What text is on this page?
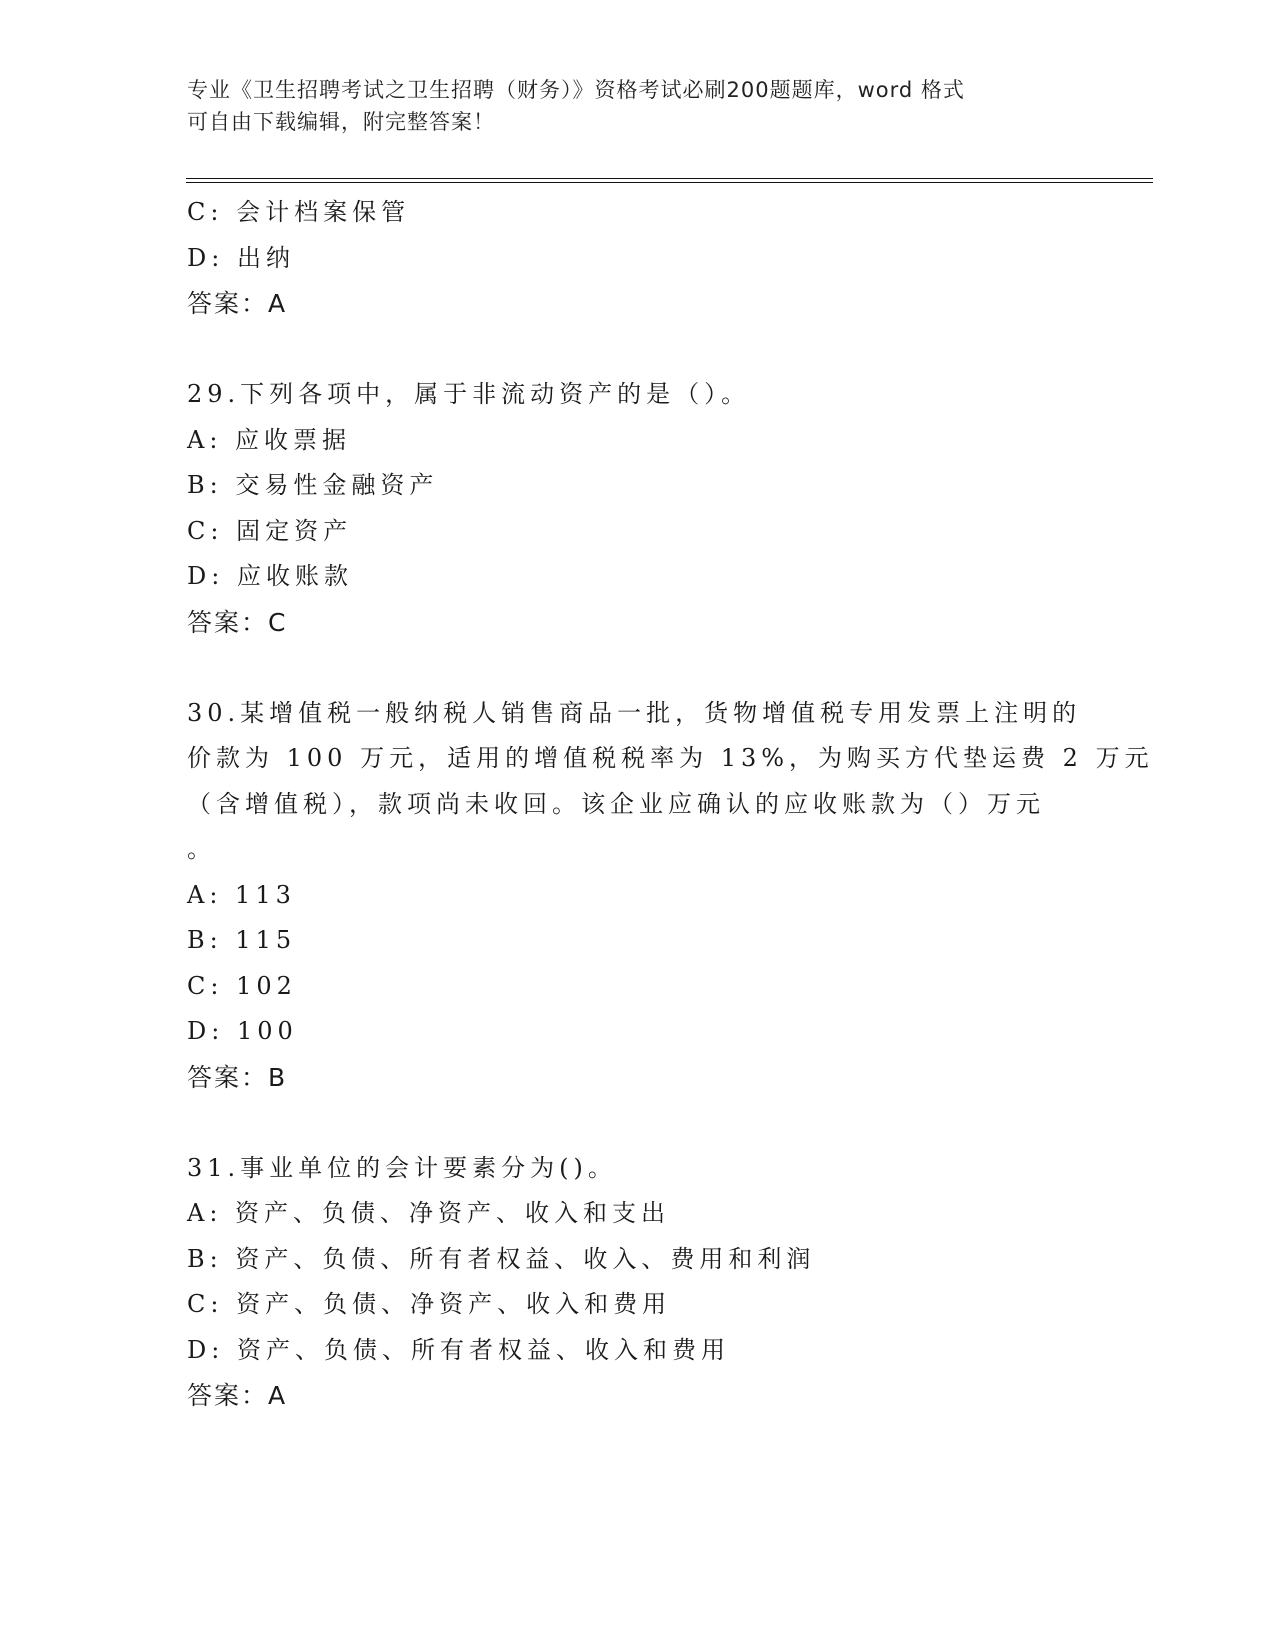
专业《卫生招聘考试之卫生招聘（财务）》资格考试必刷200题题库，word 格式
可自由下载编辑，附完整答案！
C: 会计档案保管
D: 出纳
答案：A
29.下列各项中，属于非流动资产的是（）。
A: 应收票据
B: 交易性金融资产
C: 固定资产
D: 应收账款
答案：C
30.某增值税一般纳税人销售商品一批，货物增值税专用发票上注明的
价款为 100 万元，适用的增值税税率为 13%，为购买方代垫运费 2 万元
（含增值税），款项尚未收回。该企业应确认的应收账款为（）万元
。
A: 113
B: 115
C: 102
D: 100
答案：B
31.事业单位的会计要素分为()。
A: 资产、负债、净资产、收入和支出
B: 资产、负债、所有者权益、收入、费用和利润
C: 资产、负债、净资产、收入和费用
D: 资产、负债、所有者权益、收入和费用
答案：A
